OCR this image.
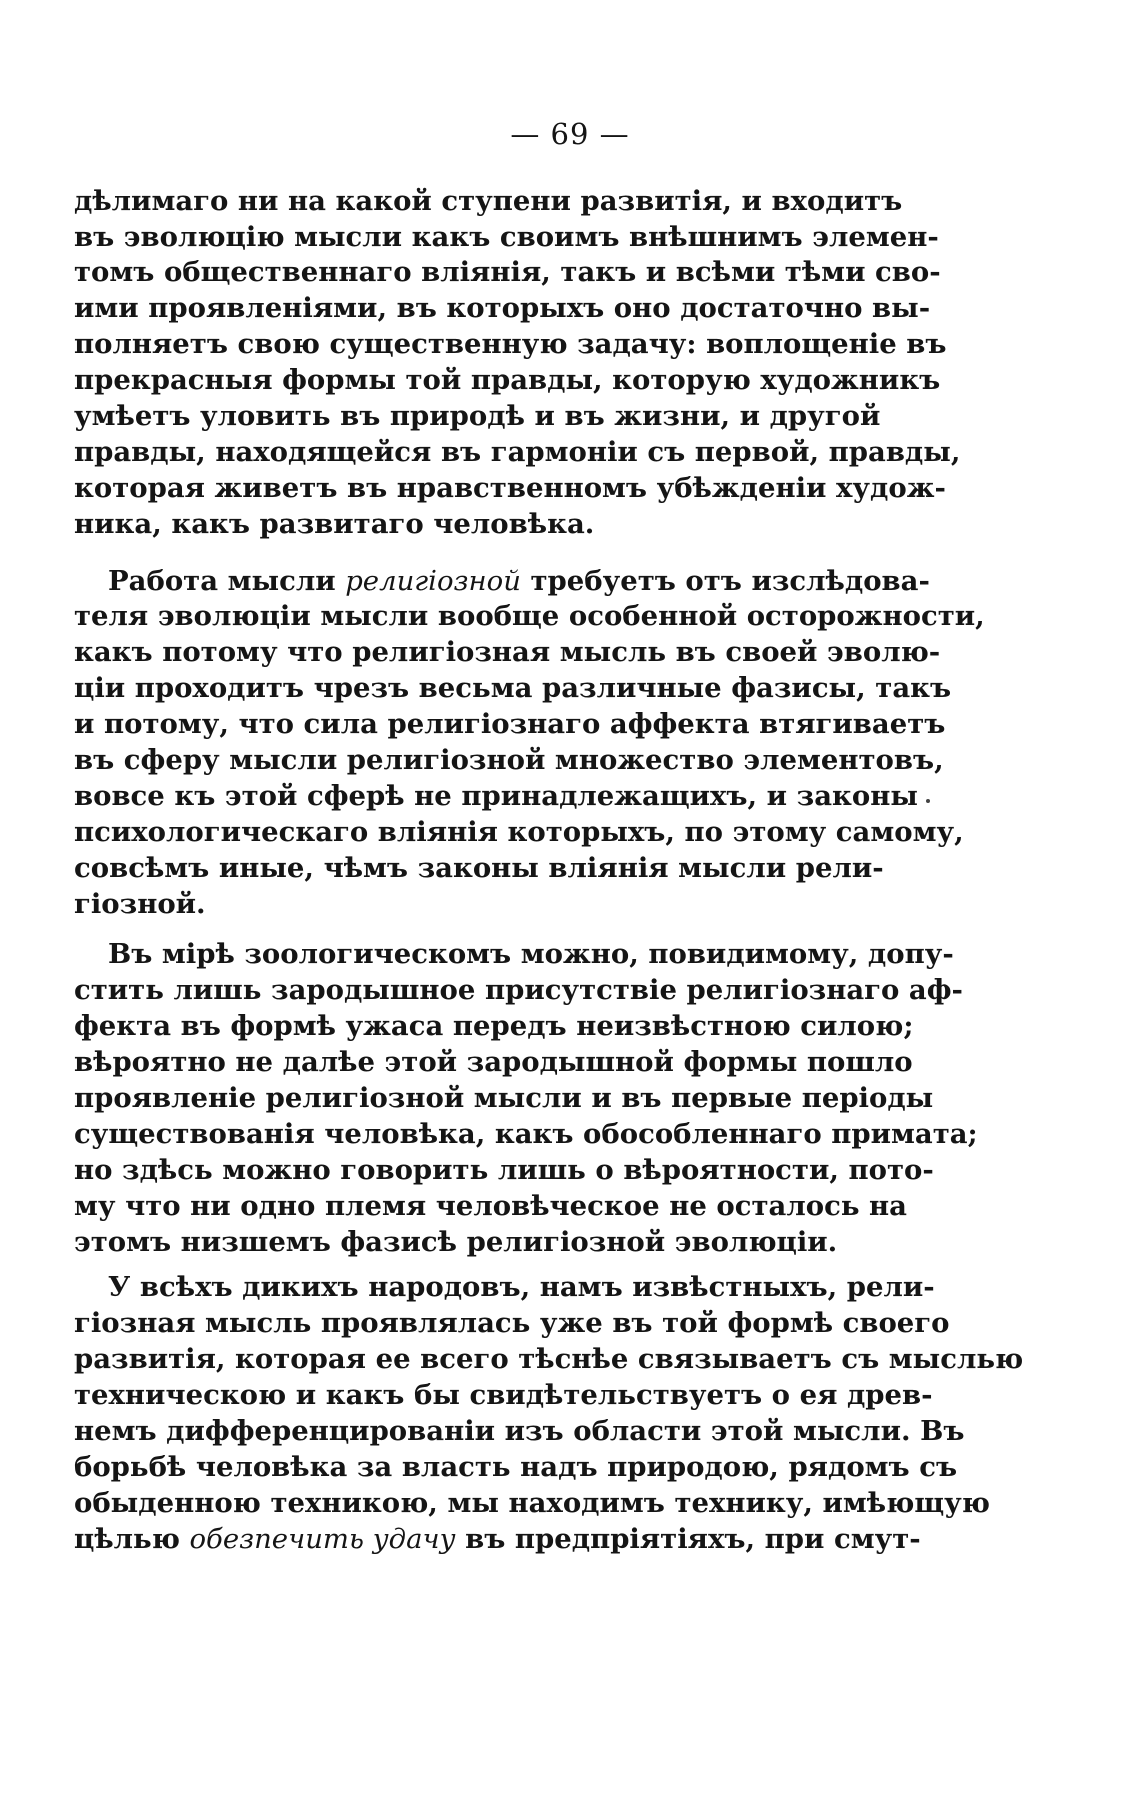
— 69 —
дѣлимаго ни на какой ступени развитія, и входитъ
въ эволюцію мысли какъ своимъ внѣшнимъ элемен-
томъ общественнаго вліянія, такъ и всѣми тѣми сво-
ими проявленіями, въ которыхъ оно достаточно вы-
полняетъ свою существенную задачу: воплощеніе въ
прекрасныя формы той правды, которую художникъ
умѣетъ уловить въ природѣ и въ жизни, и другой
правды, находящейся въ гармоніи съ первой, правды,
которая живетъ въ нравственномъ убѣжденіи худож-
ника, какъ развитаго человѣка.
Работа мысли религіозной требуетъ отъ изслѣдова-
теля эволюціи мысли вообще особенной осторожности,
какъ потому что религіозная мысль въ своей эволю-
ціи проходитъ чрезъ весьма различные фазисы, такъ
и потому, что сила религіознаго аффекта втягиваетъ
въ сферу мысли религіозной множество элементовъ,
вовсе къ этой сферѣ не принадлежащихъ, и законы
психологическаго вліянія которыхъ, по этому самому,
совсѣмъ иные, чѣмъ законы вліянія мысли рели-
гіозной.
Въ мірѣ зоологическомъ можно, повидимому, допу-
стить лишь зародышное присутствіе религіознаго аф-
фекта въ формѣ ужаса передъ неизвѣстною силою;
вѣроятно не далѣе этой зародышной формы пошло
проявленіе религіозной мысли и въ первые періоды
существованія человѣка, какъ обособленнаго примата;
но здѣсь можно говорить лишь о вѣроятности, пото-
му что ни одно племя человѣческое не осталось на
этомъ низшемъ фазисѣ религіозной эволюціи.
У всѣхъ дикихъ народовъ, намъ извѣстныхъ, рели-
гіозная мысль проявлялась уже въ той формѣ своего
развитія, которая ее всего тѣснѣе связываетъ съ мыслью
техническою и какъ бы свидѣтельствуетъ о ея древ-
немъ дифференцированіи изъ области этой мысли. Въ
борьбѣ человѣка за власть надъ природою, рядомъ съ
обыденною техникою, мы находимъ технику, имѣющую
цѣлью обезпечить удачу въ предпріятіяхъ, при смут-
